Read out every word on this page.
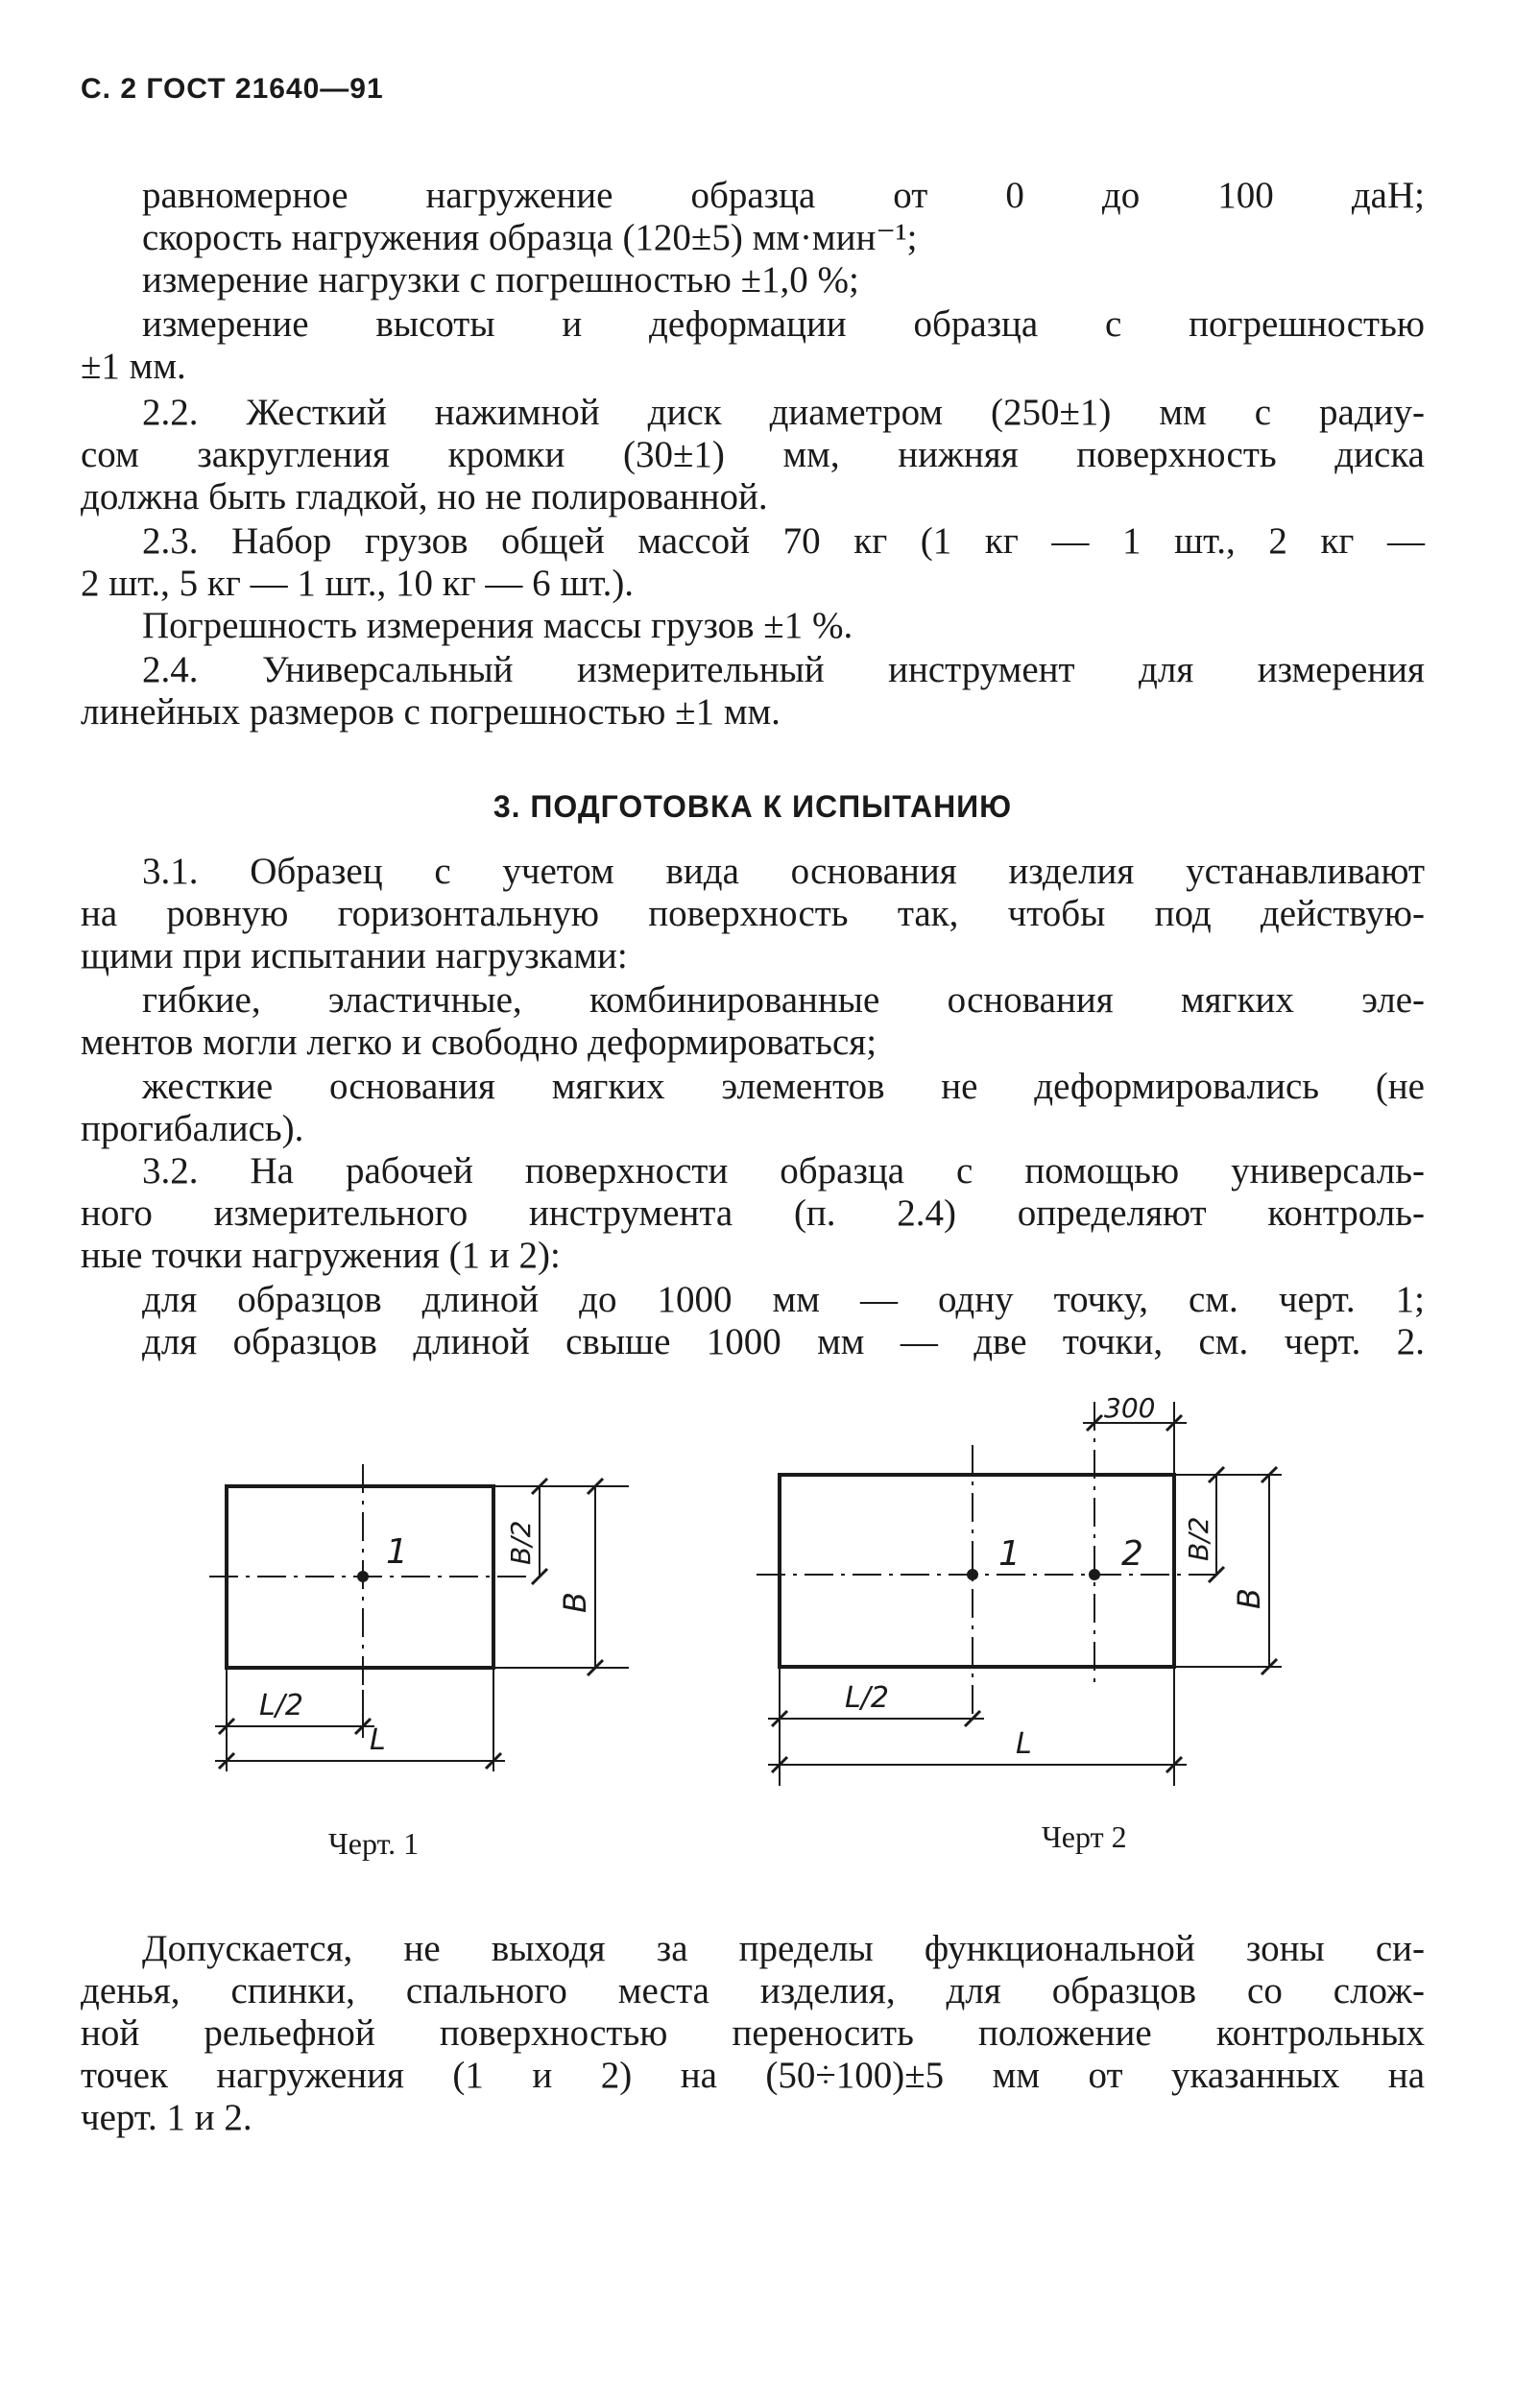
С. 2 ГОСТ 21640—91
равномерное нагружение образца от 0 до 100 даН;
скорость нагружения образца (120±5) мм·мин⁻¹;
измерение нагрузки с погрешностью ±1,0 %;
измерение высоты и деформации образца с погрешностью
±1 мм.
2.2. Жесткий нажимной диск диаметром (250±1) мм с радиу-
сом закругления кромки (30±1) мм, нижняя поверхность диска
должна быть гладкой, но не полированной.
2.3. Набор грузов общей массой 70 кг (1 кг — 1 шт., 2 кг —
2 шт., 5 кг — 1 шт., 10 кг — 6 шт.).
Погрешность измерения массы грузов ±1 %.
2.4. Универсальный измерительный инструмент для измерения
линейных размеров с погрешностью ±1 мм.
3. ПОДГОТОВКА К ИСПЫТАНИЮ
3.1. Образец с учетом вида основания изделия устанавливают
на ровную горизонтальную поверхность так, чтобы под действую-
щими при испытании нагрузками:
гибкие, эластичные, комбинированные основания мягких эле-
ментов могли легко и свободно деформироваться;
жесткие основания мягких элементов не деформировались (не
прогибались).
3.2. На рабочей поверхности образца с помощью универсаль-
ного измерительного инструмента (п. 2.4) определяют контроль-
ные точки нагружения (1 и 2):
для образцов длиной до 1000 мм — одну точку, см. черт. 1;
для образцов длиной свыше 1000 мм — две точки, см. черт. 2.
1	B/2
B
L/2
L
Черт. 1
1	2
300
B/2
B
L/2
L
Черт 2
Допускается, не выходя за пределы функциональной зоны си-
денья, спинки, спального места изделия, для образцов со слож-
ной рельефной поверхностью переносить положение контрольных
точек нагружения (1 и 2) на (50÷100)±5 мм от указанных на
черт. 1 и 2.
